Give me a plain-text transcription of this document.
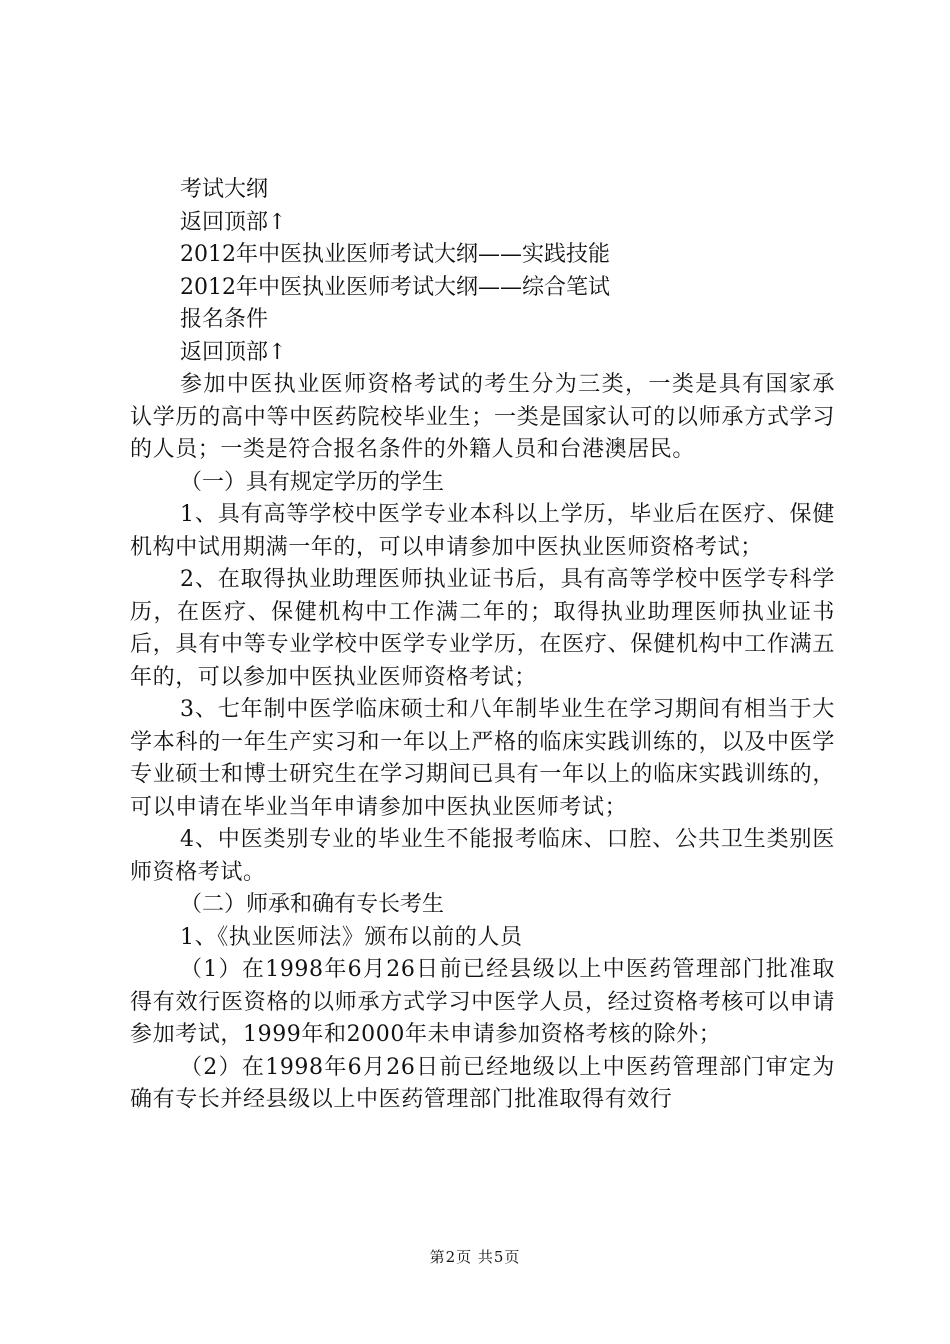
考试大纲
返回顶部↑
2012年中医执业医师考试大纲——实践技能
2012年中医执业医师考试大纲——综合笔试
报名条件
返回顶部↑
参加中医执业医师资格考试的考生分为三类，一类是具有国家承认学历的高中等中医药院校毕业生；一类是国家认可的以师承方式学习的人员；一类是符合报名条件的外籍人员和台港澳居民。
（一）具有规定学历的学生
1、具有高等学校中医学专业本科以上学历，毕业后在医疗、保健机构中试用期满一年的，可以申请参加中医执业医师资格考试；
2、在取得执业助理医师执业证书后，具有高等学校中医学专科学历，在医疗、保健机构中工作满二年的；取得执业助理医师执业证书后，具有中等专业学校中医学专业学历，在医疗、保健机构中工作满五年的，可以参加中医执业医师资格考试；
3、七年制中医学临床硕士和八年制毕业生在学习期间有相当于大学本科的一年生产实习和一年以上严格的临床实践训练的，以及中医学专业硕士和博士研究生在学习期间已具有一年以上的临床实践训练的，可以申请在毕业当年申请参加中医执业医师考试；
4、中医类别专业的毕业生不能报考临床、口腔、公共卫生类别医师资格考试。
（二）师承和确有专长考生
1、《执业医师法》颁布以前的人员
（1）在1998年6月26日前已经县级以上中医药管理部门批准取得有效行医资格的以师承方式学习中医学人员，经过资格考核可以申请参加考试，1999年和2000年未申请参加资格考核的除外；
（2）在1998年6月26日前已经地级以上中医药管理部门审定为确有专长并经县级以上中医药管理部门批准取得有效行
第2页 共5页
